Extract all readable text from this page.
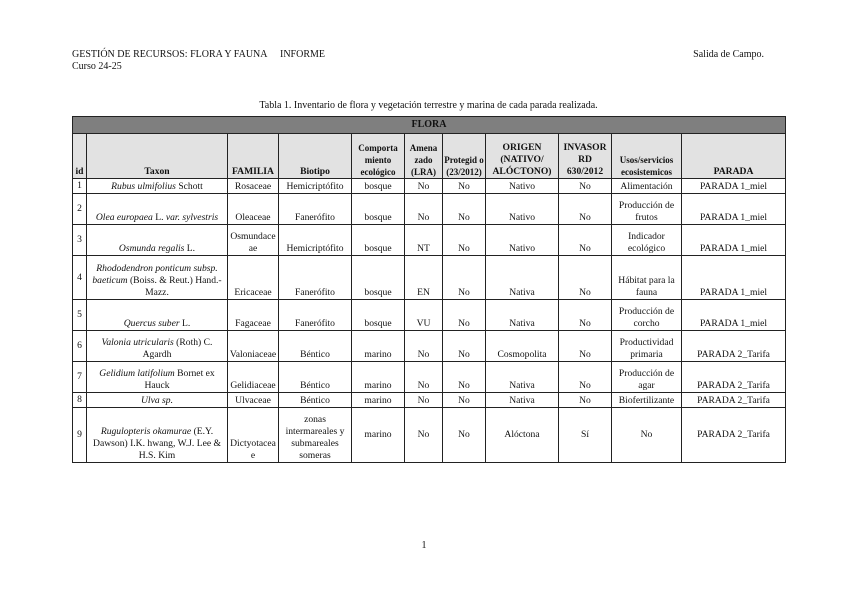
GESTIÓN DE RECURSOS: FLORA Y FAUNA INFORME
Curso 24-25
Salida de Campo.
Tabla 1. Inventario de flora y vegetación terrestre y marina de cada parada realizada.
FLORA										
id	Taxon	FAMILIA	Biotipo	Comporta miento ecológico	Amena zado (LRA)	Protegid o (23/2012)	ORIGEN (NATIVO/ ALÓCTONO)	INVASOR RD 630/2012	Usos/servicios ecosistemicos	PARADA
1	Rubus ulmifolius Schott	Rosaceae	Hemicriptófito	bosque	No	No	Nativo	No	Alimentación	PARADA 1_miel
2	Olea europaea L. var. sylvestris	Oleaceae	Fanerófito	bosque	No	No	Nativo	No	Producción de frutos	PARADA 1_miel
3	Osmunda regalis L.	Osmundaceae	Hemicriptófito	bosque	NT	No	Nativo	No	Indicador ecológico	PARADA 1_miel
4	Rhododendron ponticum subsp. baeticum (Boiss. & Reut.) Hand.-Mazz.	Ericaceae	Fanerófito	bosque	EN	No	Nativa	No	Hábitat para la fauna	PARADA 1_miel
5	Quercus suber L.	Fagaceae	Fanerófito	bosque	VU	No	Nativa	No	Producción de corcho	PARADA 1_miel
6	Valonia utricularis (Roth) C. Agardh	Valoniaceae	Béntico	marino	No	No	Cosmopolita	No	Productividad primaria	PARADA 2_Tarifa
7	Gelidium latifolium Bornet ex Hauck	Gelidiaceae	Béntico	marino	No	No	Nativa	No	Producción de agar	PARADA 2_Tarifa
8	Ulva sp.	Ulvaceae	Béntico	marino	No	No	Nativa	No	Biofertilizante	PARADA 2_Tarifa
9	Rugulopteris okamurae (E.Y. Dawson) I.K. hwang, W.J. Lee & H.S. Kim	Dictyotaceae	zonas intermareales y submareales someras	marino	No	No	Alóctona	Sí	No	PARADA 2_Tarifa
1
